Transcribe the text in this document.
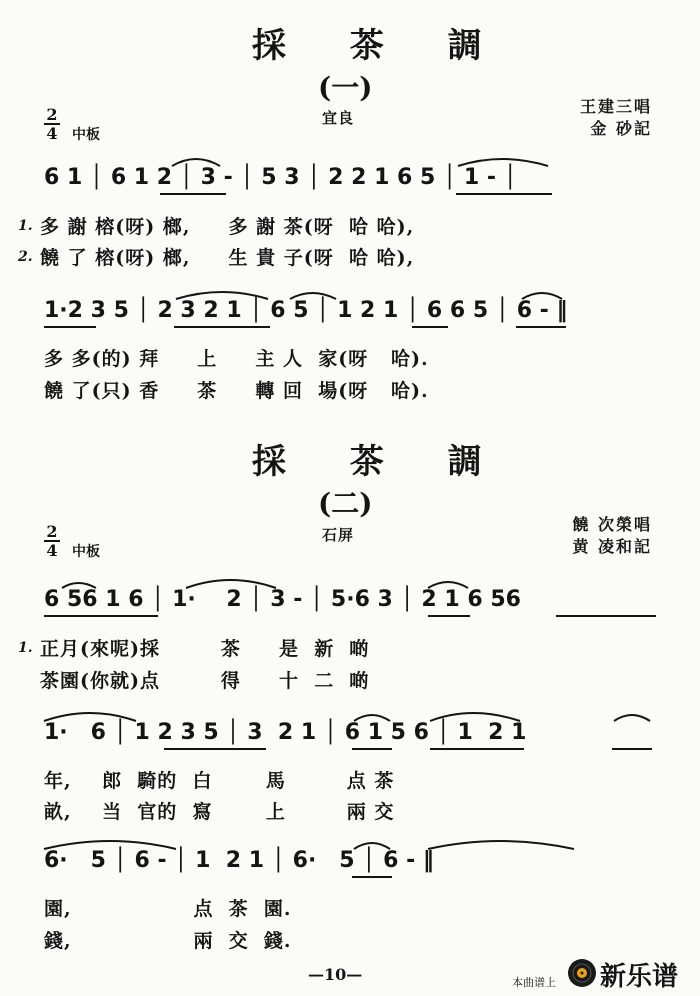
採 茶 調
(一)
宜良
王建三唱
金 砂記
2
4 中板
6 1 │ 6 1 2 │ 3 - │ 5 3 │ 2 2 1 6 5 │ 1 - │
1. 多 謝 榕(呀) 榔,     多 謝 茶(呀  哈 哈),
2. 饒 了 榕(呀) 榔,     生 貴 子(呀  哈 哈),
1·2 3 5 │ 2 3 2 1 │ 6 5 │ 1 2 1 │ 6 6 5 │ 6 - ‖
多 多(的) 拜     上     主 人  家(呀   哈).
饒 了(只) 香     茶     轉 回  場(呀   哈).
採 茶 調
(二)
石屏
饒 次榮唱
黄 凌和記
2
4 中板
6 56 1 6 │ 1·    2 │ 3 - │ 5·6 3 │ 2 1 6 56
1. 正月(來呢)採        茶     是  新  啲
茶園(你就)点        得     十  二  啲
1·   6 │ 1 2 3 5 │ 3  2 1 │ 6 1 5 6 │ 1  2 1
年,    郎  騎的  白       馬        点 茶
畝,    当  官的  寫       上        兩 交
6·   5 │ 6 - │ 1  2 1 │ 6·   5 │ 6 - ‖
園,                点  茶  園.
錢,                兩  交  錢.
—10—	本曲谱上 新乐谱
